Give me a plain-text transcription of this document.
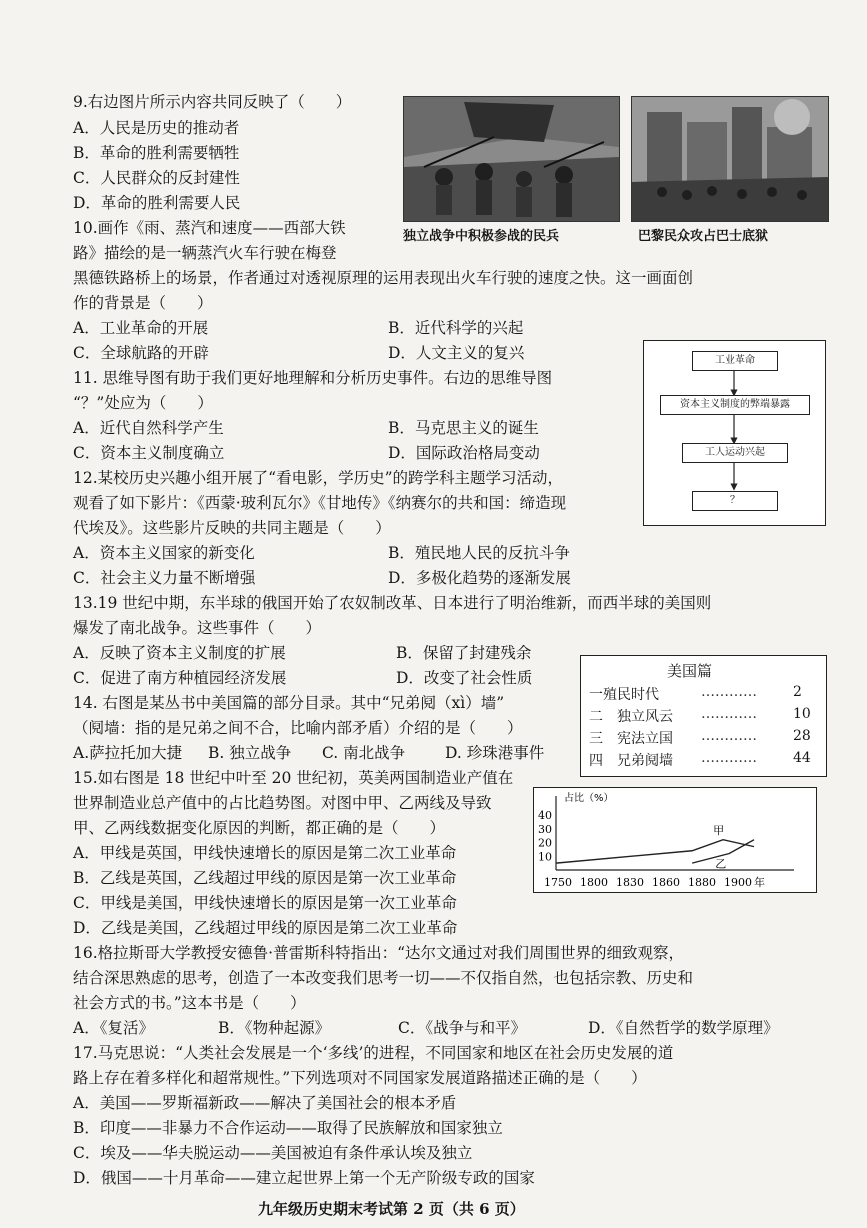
9.右边图片所示内容共同反映了（　　）
A．人民是历史的推动者
B．革命的胜利需要牺牲
C．人民群众的反封建性
D．革命的胜利需要人民
独立战争中积极参战的民兵	巴黎民众攻占巴士底狱
10.画作《雨、蒸汽和速度——西部大铁
路》描绘的是一辆蒸汽火车行驶在梅登
黑德铁路桥上的场景，作者通过对透视原理的运用表现出火车行驶的速度之快。这一画面创
作的背景是（　　）
A．工业革命的开展	B．近代科学的兴起
C．全球航路的开辟	D．人文主义的复兴
11. 思维导图有助于我们更好地理解和分析历史事件。右边的思维导图
“？”处应为（　　）
A．近代自然科学产生	B．马克思主义的诞生
C．资本主义制度确立	D．国际政治格局变动
工业革命
资本主义制度的弊端暴露
工人运动兴起
？
12.某校历史兴趣小组开展了“看电影，学历史”的跨学科主题学习活动，
观看了如下影片：《西蒙·玻利瓦尔》《甘地传》《纳赛尔的共和国：缔造现
代埃及》。这些影片反映的共同主题是（　　）
A．资本主义国家的新变化	B．殖民地人民的反抗斗争
C．社会主义力量不断增强	D．多极化趋势的逐渐发展
13.19 世纪中期，东半球的俄国开始了农奴制改革、日本进行了明治维新，而西半球的美国则
爆发了南北战争。这些事件（　　）
A．反映了资本主义制度的扩展	B．保留了封建残余
C．促进了南方种植园经济发展	D．改变了社会性质
14. 右图是某丛书中美国篇的部分目录。其中“兄弟阋（xì）墙”
（阋墙：指的是兄弟之间不合，比喻内部矛盾）介绍的是（　　）
A.萨拉托加大捷 B. 独立战争 C. 南北战争	D. 珍珠港事件
美国篇
一殖民时代	…………	2
二　独立风云 …………	10
三　宪法立国 …………	28
四　兄弟阋墙 …………	44
15.如右图是 18 世纪中叶至 20 世纪初，英美两国制造业产值在
世界制造业总产值中的占比趋势图。对图中甲、乙两线及导致
甲、乙两线数据变化原因的判断，都正确的是（　　）
A．甲线是英国，甲线快速增长的原因是第二次工业革命
B．乙线是英国，乙线超过甲线的原因是第一次工业革命
C．甲线是美国，甲线快速增长的原因是第一次工业革命
D．乙线是美国，乙线超过甲线的原因是第二次工业革命
占比（%）
10
20
30
40
1750 1800 1830 1860 1880 1900 年
甲
乙
16.格拉斯哥大学教授安德鲁·普雷斯科特指出：“达尔文通过对我们周围世界的细致观察，
结合深思熟虑的思考，创造了一本改变我们思考一切——不仅指自然，也包括宗教、历史和
社会方式的书。”这本书是（　　）
A．《复活》	B．《物种起源》	C．《战争与和平》	D．《自然哲学的数学原理》
17.马克思说：“人类社会发展是一个‘多线’的进程，不同国家和地区在社会历史发展的道
路上存在着多样化和超常规性。”下列选项对不同国家发展道路描述正确的是（　　）
A．美国——罗斯福新政——解决了美国社会的根本矛盾
B．印度——非暴力不合作运动——取得了民族解放和国家独立
C．埃及——华夫脱运动——美国被迫有条件承认埃及独立
D．俄国——十月革命——建立起世界上第一个无产阶级专政的国家
九年级历史期末考试第 2 页（共 6 页）
